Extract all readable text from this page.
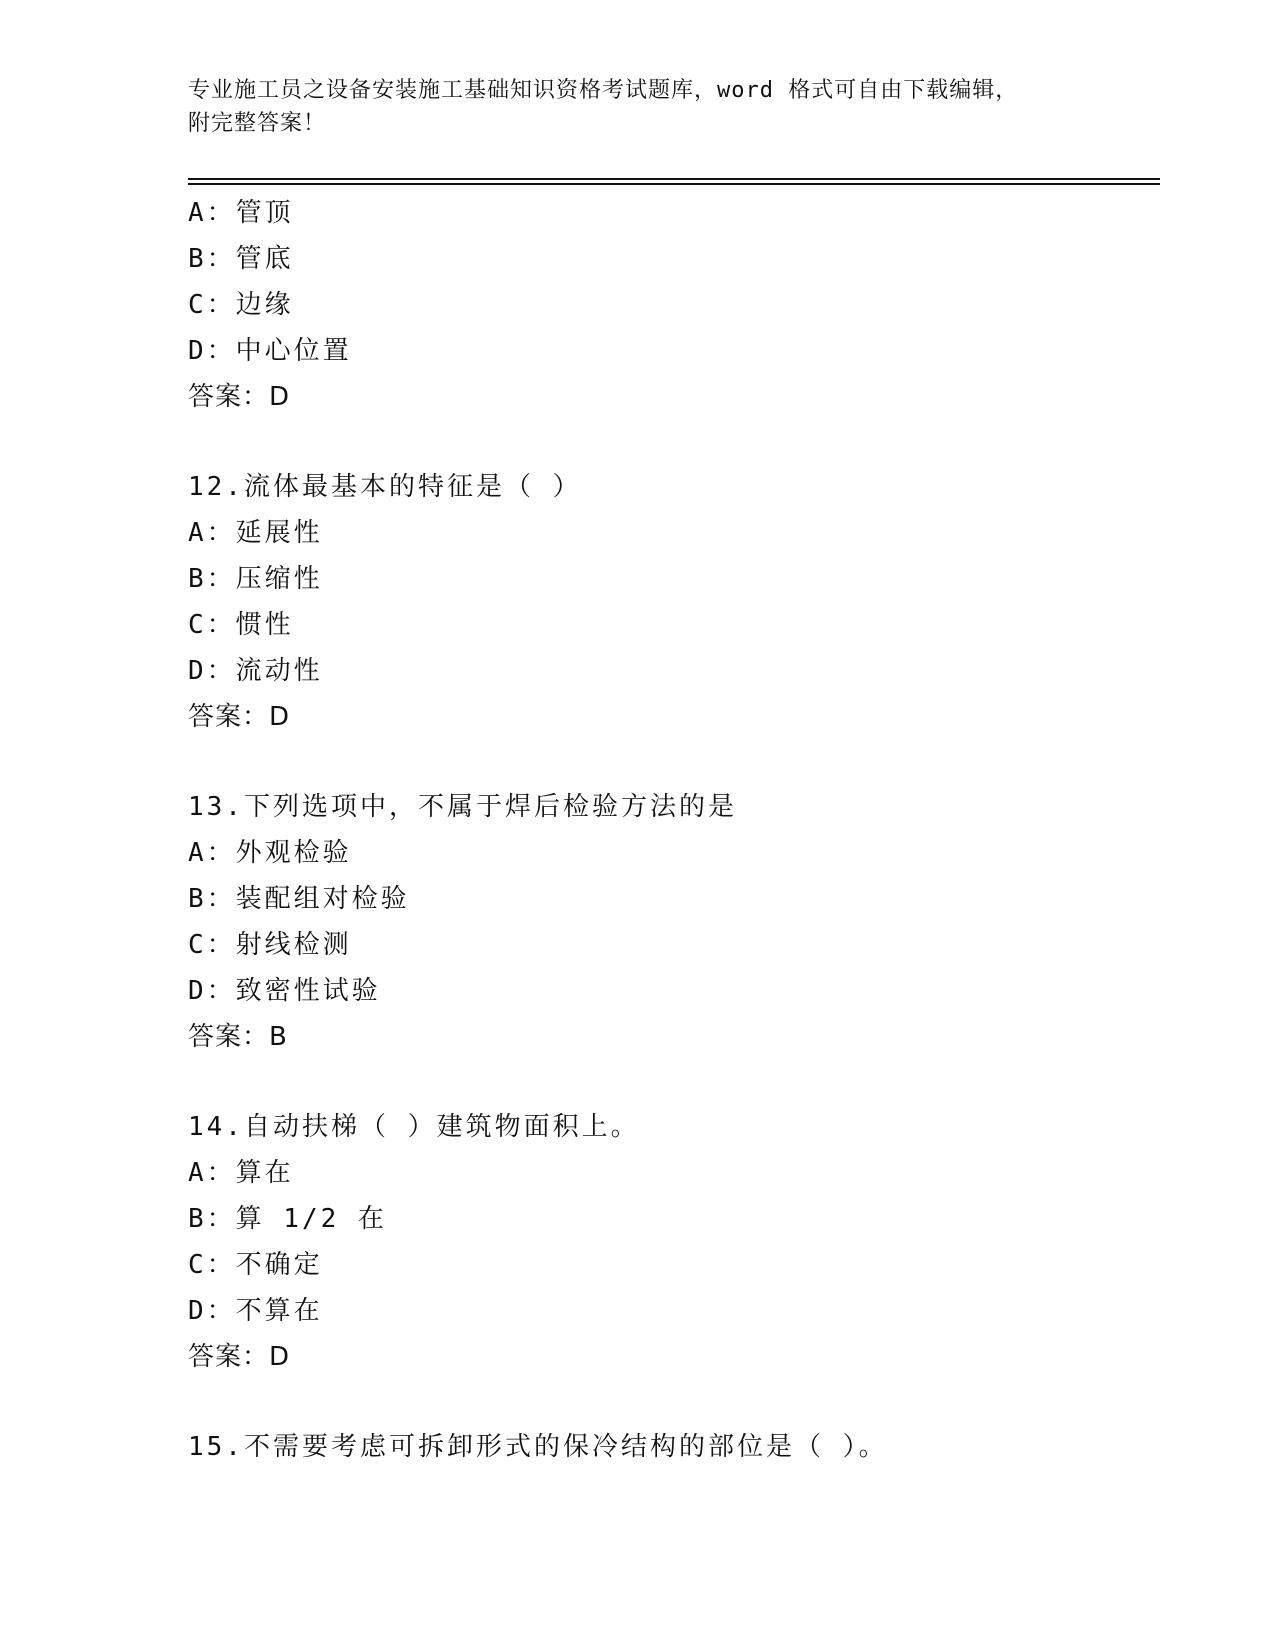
专业施工员之设备安装施工基础知识资格考试题库，word 格式可自由下载编辑，
附完整答案！
A：管顶
B：管底
C：边缘
D：中心位置
答案：D
12.流体最基本的特征是（ ）
A：延展性
B：压缩性
C：惯性
D：流动性
答案：D
13.下列选项中，不属于焊后检验方法的是
A：外观检验
B：装配组对检验
C：射线检测
D：致密性试验
答案：B
14.自动扶梯（ ）建筑物面积上。
A：算在
B：算 1/2 在
C：不确定
D：不算在
答案：D
15.不需要考虑可拆卸形式的保冷结构的部位是（ ）。
